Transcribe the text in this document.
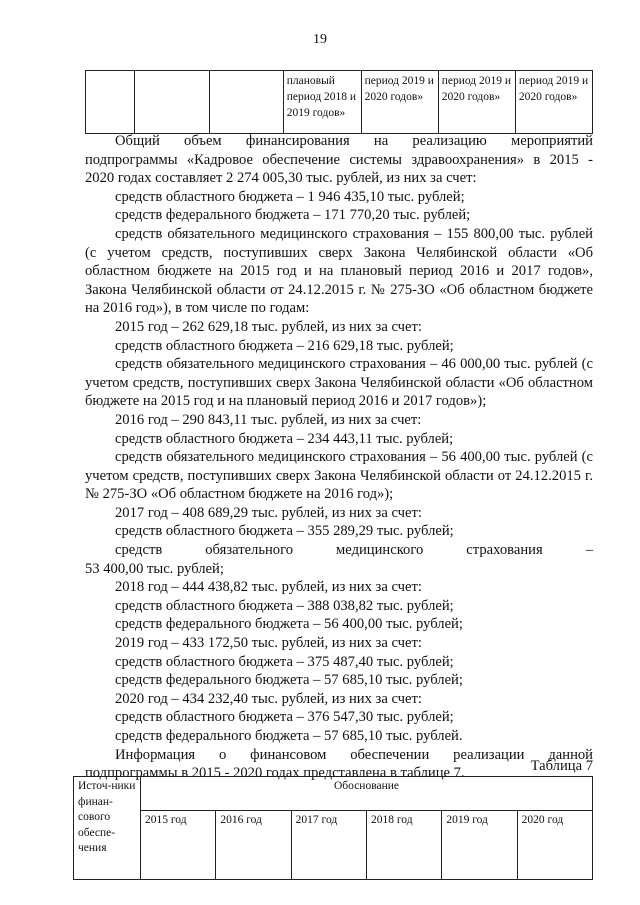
19
			плановый период 2018 и 2019 годов»	период 2019 и 2020 годов»	период 2019 и 2020 годов»	период 2019 и 2020 годов»

Общий объем финансирования на реализацию мероприятий

подпрограммы «Кадровое обеспечение системы здравоохранения» в 2015 -

2020 годах составляет 2 274 005,30 тыс. рублей, из них за счет:

средств областного бюджета – 1 946 435,10 тыс. рублей;

средств федерального бюджета – 171 770,20 тыс. рублей;

средств обязательного медицинского страхования – 155 800,00 тыс. рублей (с учетом средств, поступивших сверх Закона Челябинской области «Об областном бюджете на 2015 год и на плановый период 2016 и 2017 годов», Закона Челябинской области от 24.12.2015 г. № 275-ЗО «Об областном бюджете на 2016 год»), в том числе по годам:

2015 год – 262 629,18 тыс. рублей, из них за счет:

средств областного бюджета – 216 629,18 тыс. рублей;

средств обязательного медицинского страхования – 46 000,00 тыс. рублей (с учетом средств, поступивших сверх Закона Челябинской области «Об областном бюджете на 2015 год и на плановый период 2016 и 2017 годов»);

2016 год – 290 843,11 тыс. рублей, из них за счет:

средств областного бюджета – 234 443,11 тыс. рублей;

средств обязательного медицинского страхования – 56 400,00 тыс. рублей (с учетом средств, поступивших сверх Закона Челябинской области от 24.12.2015 г. № 275-ЗО «Об областном бюджете на 2016 год»);

2017 год – 408 689,29 тыс. рублей, из них за счет:

средств областного бюджета – 355 289,29 тыс. рублей;

средств обязательного медицинского страхования –

53 400,00 тыс. рублей;

2018 год – 444 438,82 тыс. рублей, из них за счет:

средств областного бюджета – 388 038,82 тыс. рублей;

средств федерального бюджета – 56 400,00 тыс. рублей;

2019 год – 433 172,50 тыс. рублей, из них за счет:

средств областного бюджета – 375 487,40 тыс. рублей;

средств федерального бюджета – 57 685,10 тыс. рублей;

2020 год – 434 232,40 тыс. рублей, из них за счет:

средств областного бюджета – 376 547,30 тыс. рублей;

средств федерального бюджета – 57 685,10 тыс. рублей.

Информация о финансовом обеспечении реализации данной

подпрограммы в 2015 - 2020 годах представлена в таблице 7.	Таблица 7
Источ-ники финан-сового обеспе-чения	Обоснование					
	2015 год	2016 год	2017 год	2018 год	2019 год	2020 год
